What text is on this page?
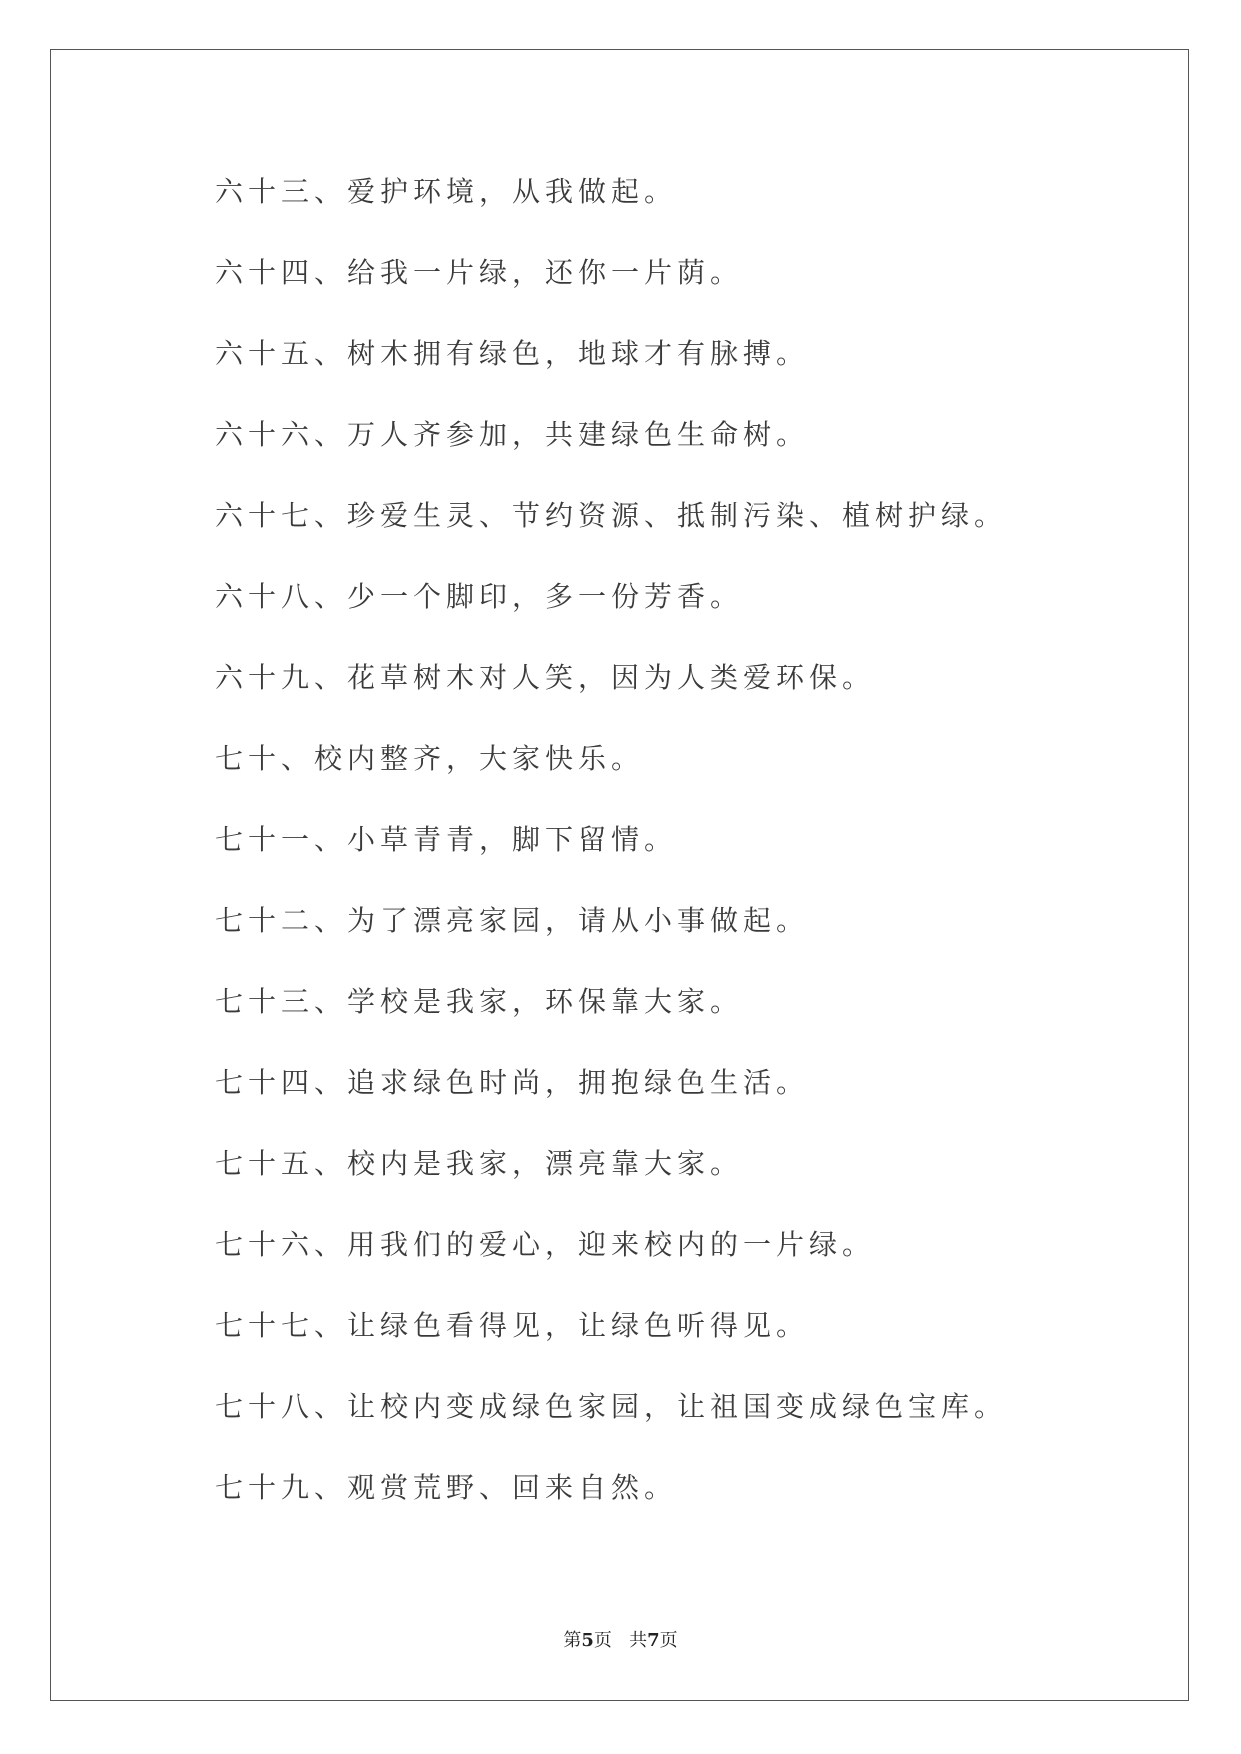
六十三、爱护环境，从我做起。
六十四、给我一片绿，还你一片荫。
六十五、树木拥有绿色，地球才有脉搏。
六十六、万人齐参加，共建绿色生命树。
六十七、珍爱生灵、节约资源、抵制污染、植树护绿。
六十八、少一个脚印，多一份芳香。
六十九、花草树木对人笑，因为人类爱环保。
七十、校内整齐，大家快乐。
七十一、小草青青，脚下留情。
七十二、为了漂亮家园，请从小事做起。
七十三、学校是我家，环保靠大家。
七十四、追求绿色时尚，拥抱绿色生活。
七十五、校内是我家，漂亮靠大家。
七十六、用我们的爱心，迎来校内的一片绿。
七十七、让绿色看得见，让绿色听得见。
七十八、让校内变成绿色家园，让祖国变成绿色宝库。
七十九、观赏荒野、回来自然。
第5页 共7页
